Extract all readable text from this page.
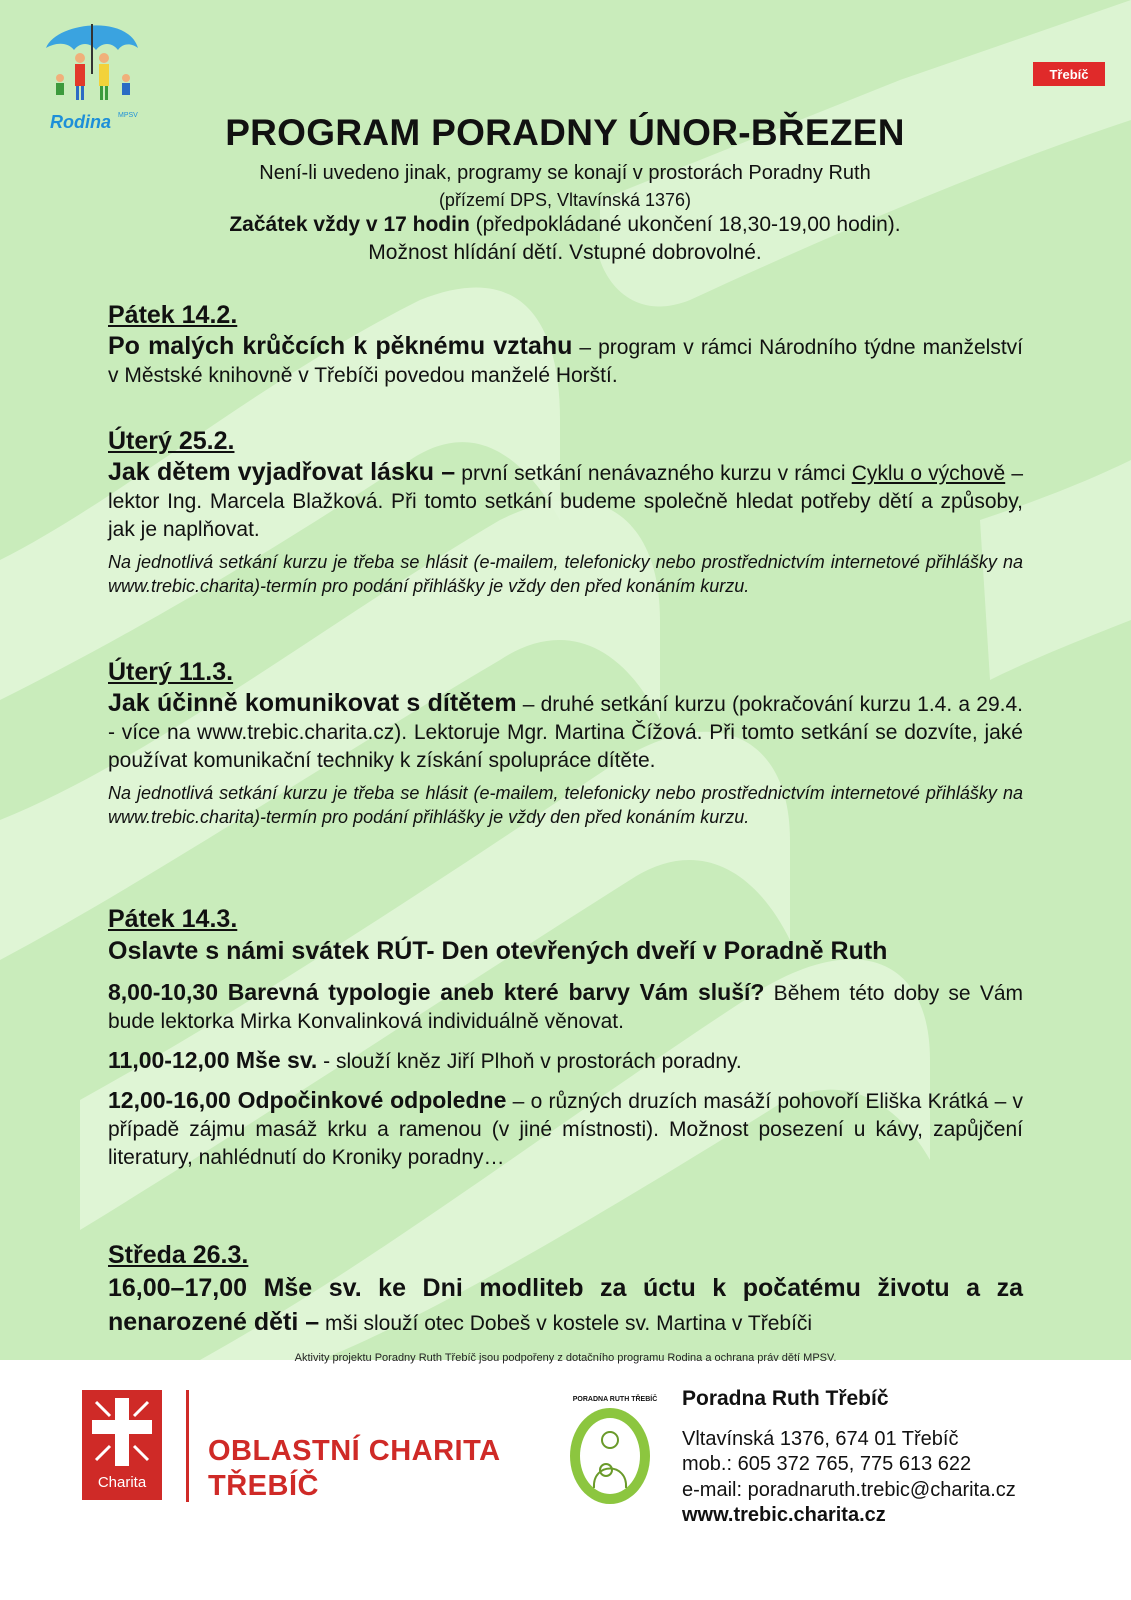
Rodina MPSV
Třebíč
PROGRAM PORADNY ÚNOR-BŘEZEN
Není-li uvedeno jinak, programy se konají v prostorách Poradny Ruth
(přízemí DPS, Vltavínská 1376)
Začátek vždy v 17 hodin (předpokládané ukončení 18,30-19,00 hodin).
Možnost hlídání dětí. Vstupné dobrovolné.
Pátek 14.2.
Po malých krůčcích k pěknému vztahu – program v rámci Národního týdne manželství v Městské knihovně v Třebíči povedou manželé Horští.
Úterý 25.2.
Jak dětem vyjadřovat lásku – první setkání nenávazného kurzu v rámci Cyklu o výchově – lektor Ing. Marcela Blažková. Při tomto setkání budeme společně hledat potřeby dětí a způsoby, jak je naplňovat.
Na jednotlivá setkání kurzu je třeba se hlásit (e-mailem, telefonicky nebo prostřednictvím internetové přihlášky na www.trebic.charita)-termín pro podání přihlášky je vždy den před konáním kurzu.
Úterý 11.3.
Jak účinně komunikovat s dítětem – druhé setkání kurzu (pokračování kurzu 1.4. a 29.4. - více na www.trebic.charita.cz). Lektoruje Mgr. Martina Čížová. Při tomto setkání se dozvíte, jaké používat komunikační techniky k získání spolupráce dítěte.
Na jednotlivá setkání kurzu je třeba se hlásit (e-mailem, telefonicky nebo prostřednictvím internetové přihlášky na www.trebic.charita)-termín pro podání přihlášky je vždy den před konáním kurzu.
Pátek 14.3.
Oslavte s námi svátek RÚT- Den otevřených dveří v Poradně Ruth
8,00-10,30 Barevná typologie aneb které barvy Vám sluší? Během této doby se Vám bude lektorka Mirka Konvalinková individuálně věnovat.
11,00-12,00 Mše sv. - slouží kněz Jiří Plhoň v prostorách poradny.
12,00-16,00 Odpočinkové odpoledne – o různých druzích masáží pohovoří Eliška Krátká – v případě zájmu masáž krku a ramenou (v jiné místnosti). Možnost posezení u kávy, zapůjčení literatury, nahlédnutí do Kroniky poradny…
Středa 26.3.
16,00–17,00 Mše sv. ke Dni modliteb za úctu k počatému životu a za nenarozené děti – mši slouží otec Dobeš v kostele sv. Martina v Třebíči
Aktivity projektu Poradny Ruth Třebíč jsou podpořeny z dotačního programu Rodina a ochrana práv dětí MPSV.
Charita
OBLASTNÍ CHARITA
TŘEBÍČ
PORADNA RUTH TŘEBÍČ Poradna Ruth Třebíč
Vltavínská 1376, 674 01 Třebíč
mob.: 605 372 765, 775 613 622
e-mail: poradnaruth.trebic@charita.cz
www.trebic.charita.cz
